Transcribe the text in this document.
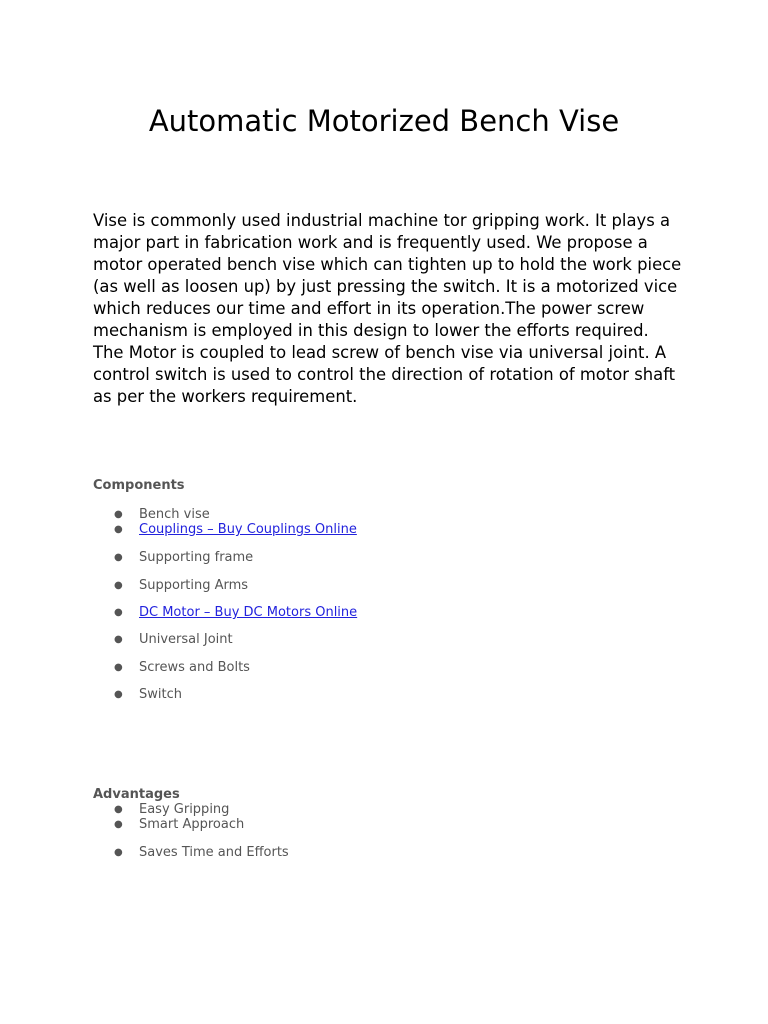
Automatic Motorized Bench Vise

Vise is commonly used industrial machine tor gripping work. It plays a major part in fabrication work and is frequently used. We propose a motor operated bench vise which can tighten up to hold the work piece (as well as loosen up) by just pressing the switch. It is a motorized vice which reduces our time and effort in its operation.The power screw mechanism is employed in this design to lower the efforts required. The Motor is coupled to lead screw of bench vise via universal joint. A control switch is used to control the direction of rotation of motor shaft as per the workers requirement.

Components
● Bench vise
● Couplings – Buy Couplings Online
● Supporting frame
● Supporting Arms
● DC Motor – Buy DC Motors Online
● Universal Joint
● Screws and Bolts
● Switch
Advantages
● Easy Gripping
● Smart Approach
● Saves Time and Efforts
